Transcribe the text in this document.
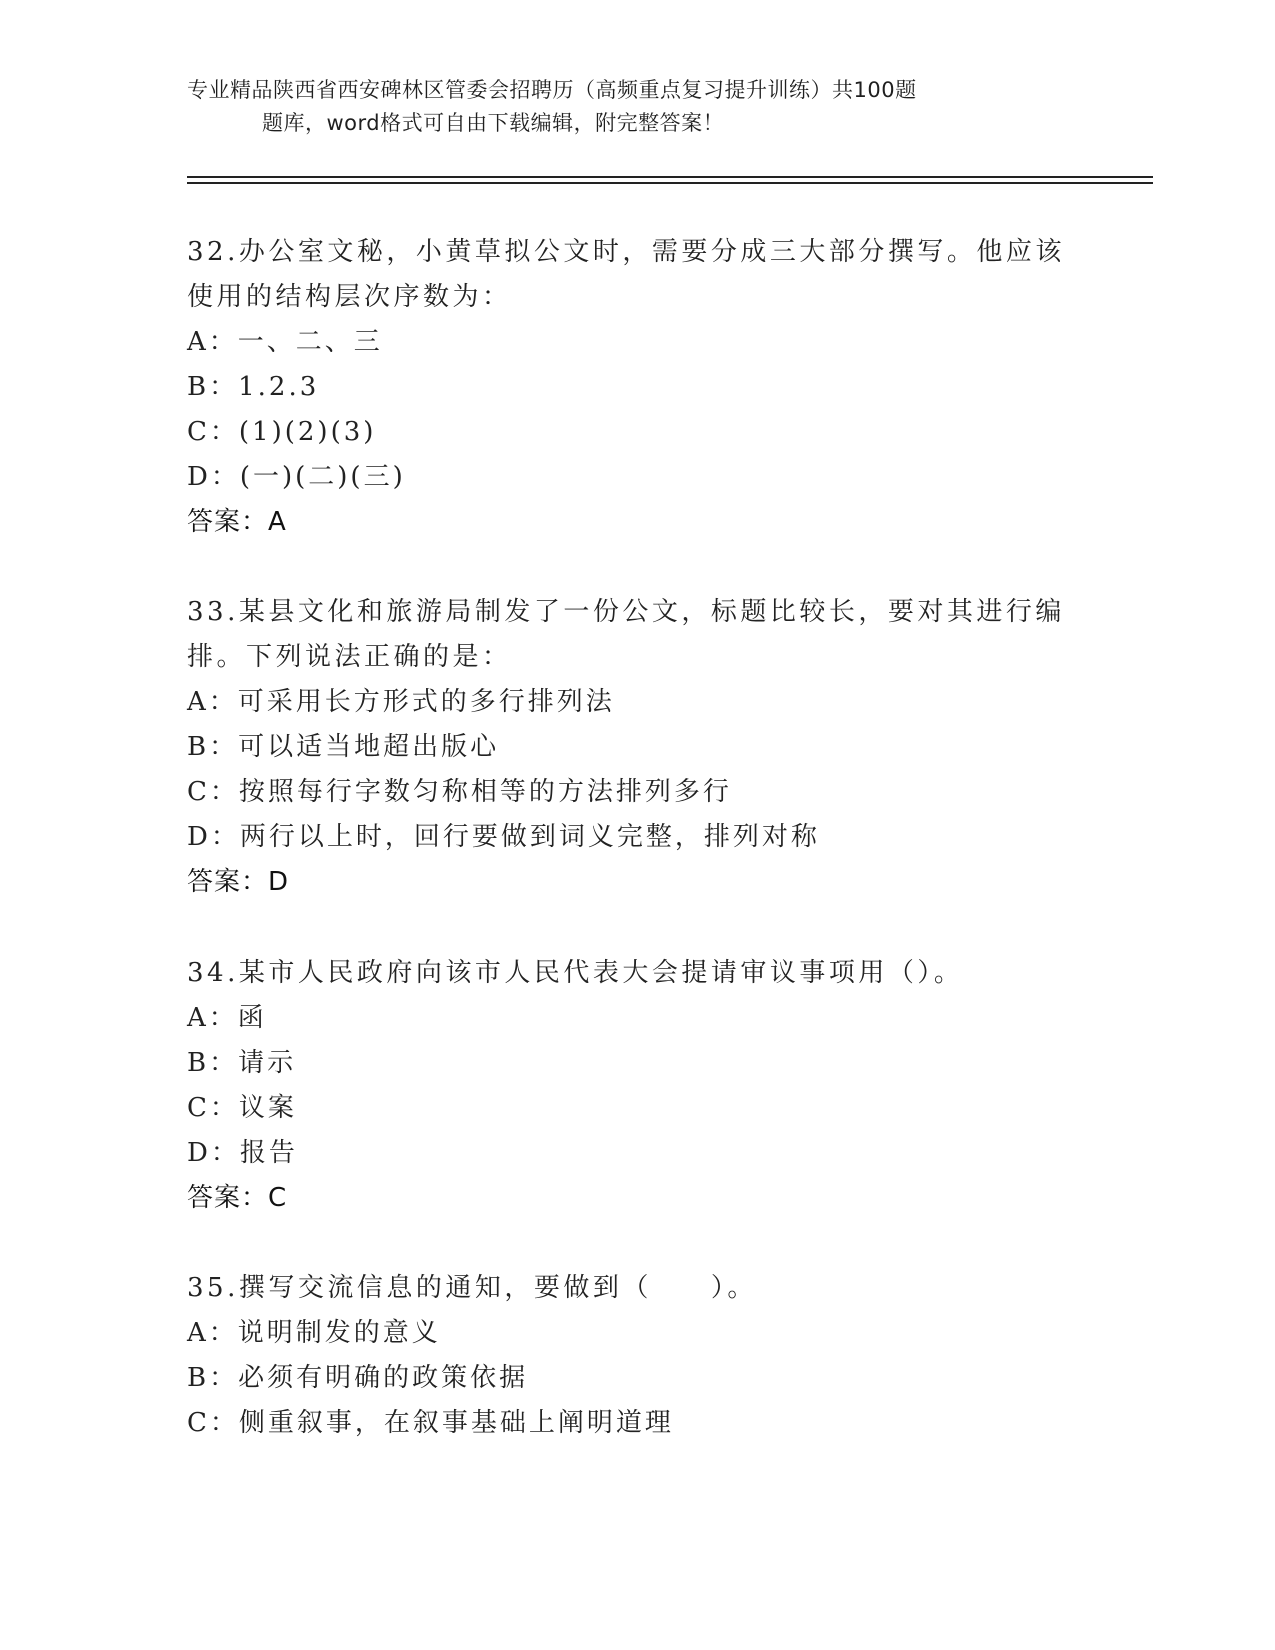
专业精品陕西省西安碑林区管委会招聘历（高频重点复习提升训练）共100题
题库，word格式可自由下载编辑，附完整答案！

32.办公室文秘，小黄草拟公文时，需要分成三大部分撰写。他应该使用的结构层次序数为：

A：一、二、三
B：1.2.3
C：(1)(2)(3)
D：(一)(二)(三)
答案：A

33.某县文化和旅游局制发了一份公文，标题比较长，要对其进行编排。下列说法正确的是：

A：可采用长方形式的多行排列法
B：可以适当地超出版心
C：按照每行字数匀称相等的方法排列多行
D：两行以上时，回行要做到词义完整，排列对称
答案：D

34.某市人民政府向该市人民代表大会提请审议事项用（）。

A：函
B：请示
C：议案
D：报告
答案：C

35.撰写交流信息的通知，要做到（　　）。

A：说明制发的意义
B：必须有明确的政策依据
C：侧重叙事，在叙事基础上阐明道理
